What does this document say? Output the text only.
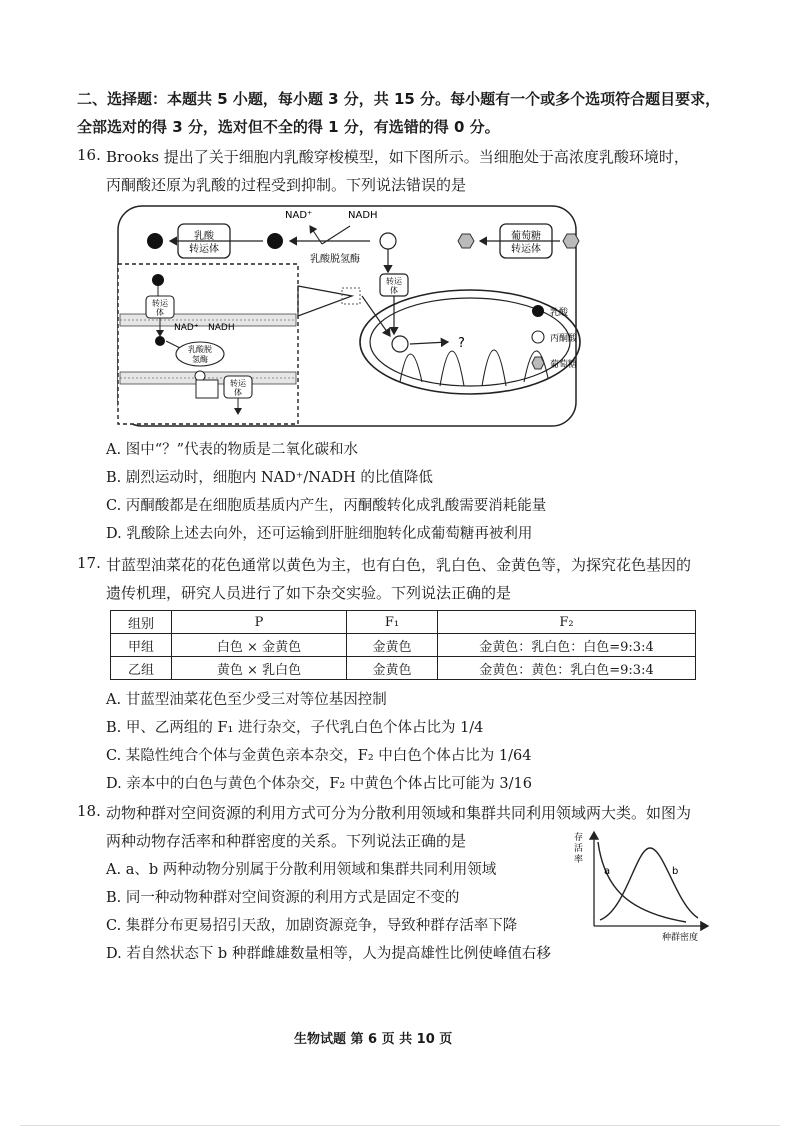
二、选择题：本题共 5 小题，每小题 3 分，共 15 分。每小题有一个或多个选项符合题目要求，
全部选对的得 3 分，选对但不全的得 1 分，有选错的得 0 分。
16. Brooks 提出了关于细胞内乳酸穿梭模型，如下图所示。当细胞处于高浓度乳酸环境时，
丙酮酸还原为乳酸的过程受到抑制。下列说法错误的是
乳酸
转运体
葡萄糖
转运体
NAD⁺	NADH
乳酸脱氢酶
转运
体
?
转运
体
NAD⁺ NADH
乳酸脱
氢酶
转运
体
乳酸
丙酮酸
葡萄糖
A. 图中“？”代表的物质是二氧化碳和水
B. 剧烈运动时，细胞内 NAD⁺/NADH 的比值降低
C. 丙酮酸都是在细胞质基质内产生，丙酮酸转化成乳酸需要消耗能量
D. 乳酸除上述去向外，还可运输到肝脏细胞转化成葡萄糖再被利用
17. 甘蓝型油菜花的花色通常以黄色为主，也有白色，乳白色、金黄色等，为探究花色基因的
遗传机理，研究人员进行了如下杂交实验。下列说法正确的是
组别	P	F₁	F₂
甲组	白色 × 金黄色	金黄色	金黄色：乳白色：白色=9:3:4
乙组	黄色 × 乳白色	金黄色	金黄色：黄色：乳白色=9:3:4
A. 甘蓝型油菜花色至少受三对等位基因控制
B. 甲、乙两组的 F₁ 进行杂交，子代乳白色个体占比为 1/4
C. 某隐性纯合个体与金黄色亲本杂交，F₂ 中白色个体占比为 1/64
D. 亲本中的白色与黄色个体杂交，F₂ 中黄色个体占比可能为 3/16
18. 动物种群对空间资源的利用方式可分为分散利用领域和集群共同利用领域两大类。如图为
两种动物存活率和种群密度的关系。下列说法正确的是
A. a、b 两种动物分别属于分散利用领域和集群共同利用领域
B. 同一种动物种群对空间资源的利用方式是固定不变的
C. 集群分布更易招引天敌，加剧资源竞争，导致种群存活率下降
D. 若自然状态下 b 种群雌雄数量相等，人为提高雄性比例使峰值右移
存
活
率
a	b
种群密度
生物试题 第 6 页 共 10 页
